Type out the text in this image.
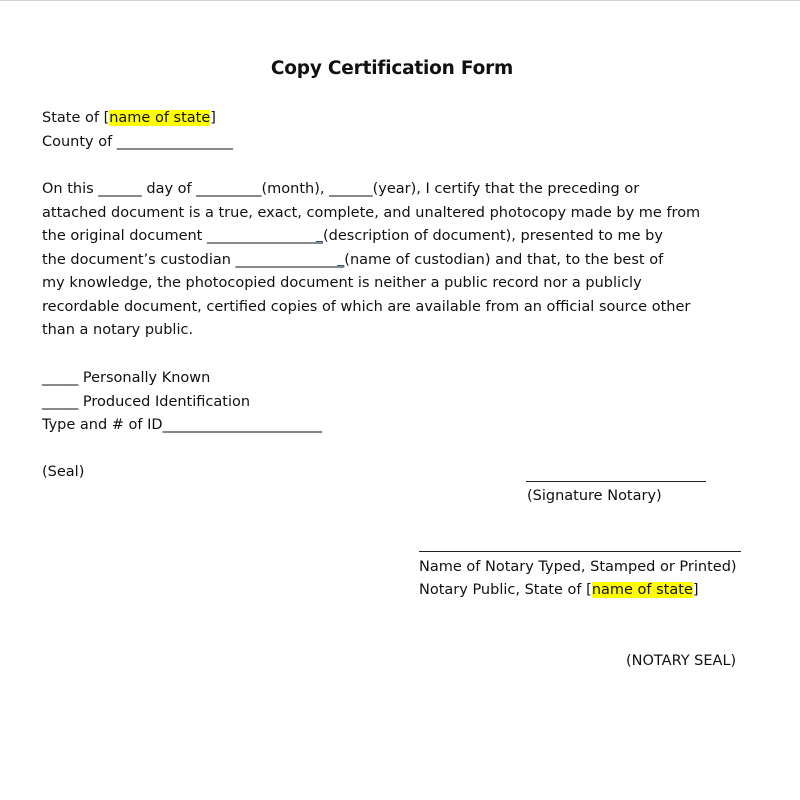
Copy Certification Form
State of [name of state]
County of ________________
On this ______ day of _________(month), ______(year), I certify that the preceding or
attached document is a true, exact, complete, and unaltered photocopy made by me from
the original document ________________(description of document), presented to me by
the document’s custodian _______________(name of custodian) and that, to the best of
my knowledge, the photocopied document is neither a public record nor a publicly
recordable document, certified copies of which are available from an official source other
than a notary public.
_____ Personally Known
_____ Produced Identification
Type and # of ID______________________
(Seal)
(Signature Notary)
Name of Notary Typed, Stamped or Printed)
Notary Public, State of [name of state]
(NOTARY SEAL)
